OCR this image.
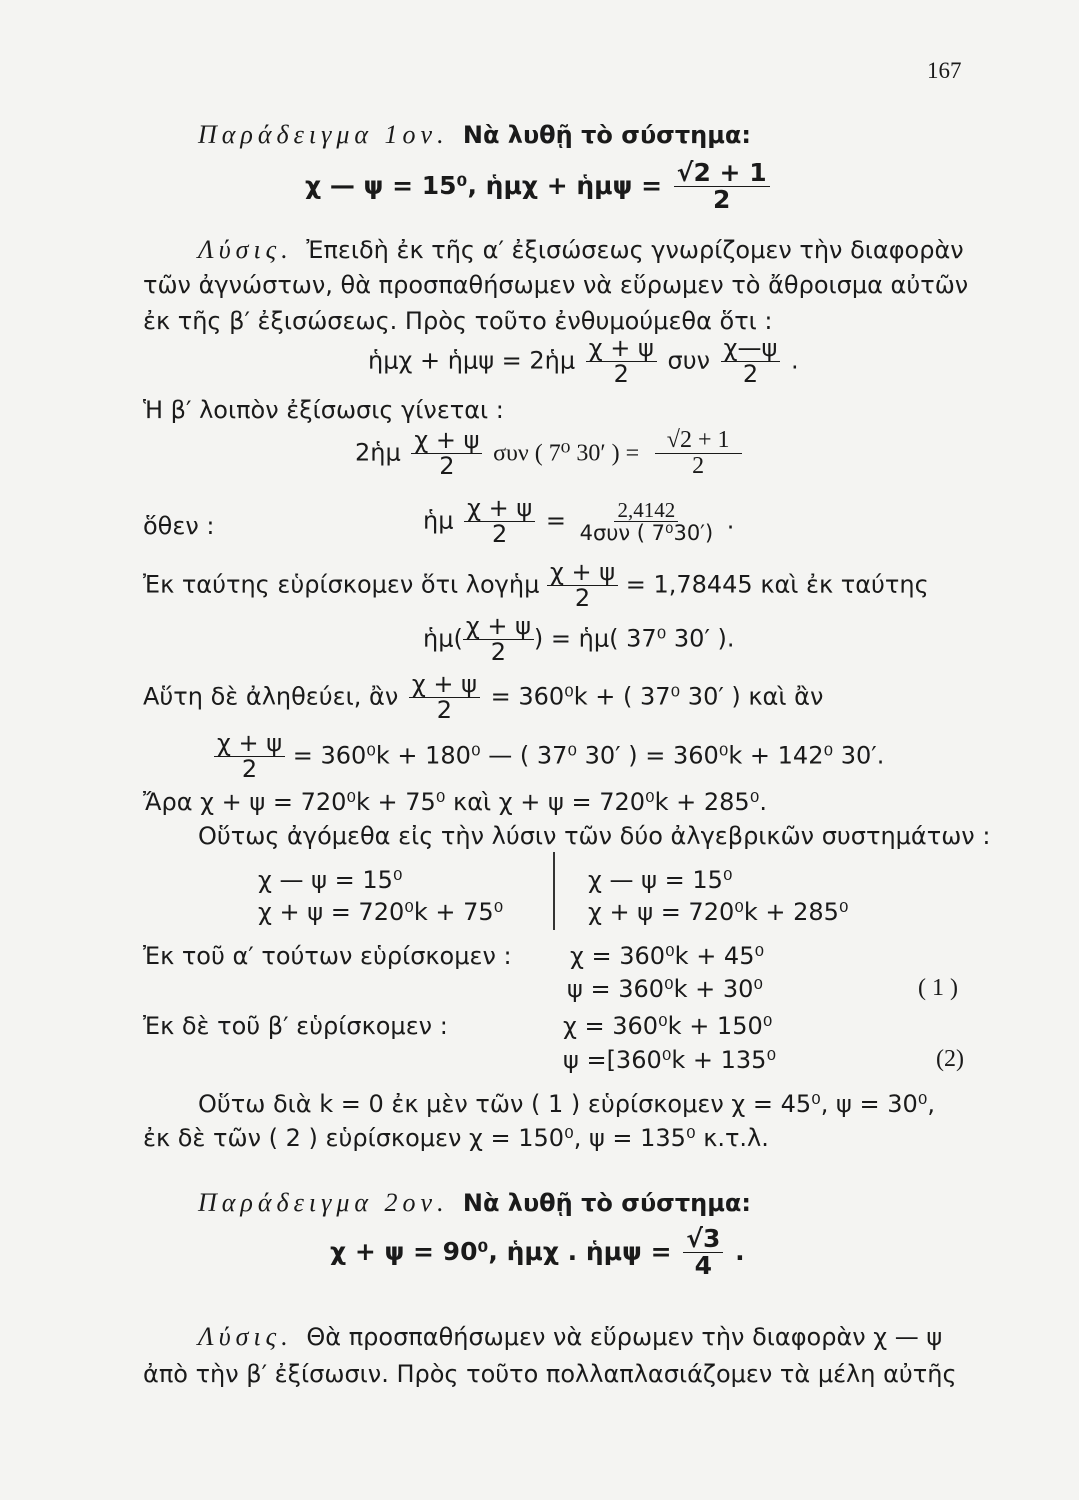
167
Παράδειγμα 1ον. Νὰ λυθῇ τὸ σύστημα:
χ — ψ = 15⁰, ἡμχ + ἡμψ = $\frac{√2 + 1}{2}$
Λύσις. Ἐπειδὴ ἐκ τῆς α′ ἐξισώσεως γνωρίζομεν τὴν διαφορὰν
τῶν ἀγνώστων, θὰ προσπαθήσωμεν νὰ εὕρωμεν τὸ ἄθροισμα αὐτῶν
ἐκ τῆς β′ ἐξισώσεως. Πρὸς τοῦτο ἐνθυμούμεθα ὅτι :
ἡμχ + ἡμψ = 2ἡμ $\frac{\chi + \psi}{2}$ συν $\frac{\chi—\psi}{2}$ .
Ἡ β′ λοιπὸν ἐξίσωσις γίνεται :
2ἡμ $\frac{\chi + \psi}{2}$ συν ( 7⁰ 30′ ) = $\frac{√2 + 1}{2}$
ὅθεν :	ἡμ $\frac{\chi + \psi}{2} = \frac{2,4142}{\text{4συν ( 7⁰30′)}}$ .
Ἐκ ταύτης εὑρίσκομεν ὅτι λογἡμ $\frac{\chi + \psi}{2} = 1,78445$ καὶ ἐκ ταύτης
ἡμ( $\frac{\chi + \psi}{2}$ ) = ἡμ( 37⁰ 30′ ).
Αὕτη δὲ ἀληθεύει, ἂν $\frac{\chi + \psi}{2} = 360^0k$ + ( 37⁰ 30′ ) καὶ ἂν
$\frac{\chi + \psi}{2} = 360^0k + 180^0$ — ( 37⁰ 30′ ) = 360⁰k + 142⁰ 30′.
Ἄρα χ + ψ = 720⁰k + 75⁰ καὶ χ + ψ = 720⁰k + 285⁰.
Οὕτως ἀγόμεθα εἰς τὴν λύσιν τῶν δύο ἀλγεβρικῶν συστημάτων :
χ — ψ = 15⁰
χ + ψ = 720⁰k + 75⁰
χ — ψ = 15⁰
χ + ψ = 720⁰k + 285⁰
Ἐκ τοῦ α′ τούτων εὑρίσκομεν : χ = 360⁰k + 45⁰
ψ = 360⁰k + 30⁰	( 1 )
Ἐκ δὲ τοῦ β′ εὑρίσκομεν :	χ = 360⁰k + 150⁰
ψ =[360⁰k + 135⁰	(2)
Οὕτω διὰ k = 0 ἐκ μὲν τῶν ( 1 ) εὑρίσκομεν χ = 45⁰, ψ = 30⁰,
ἐκ δὲ τῶν ( 2 ) εὑρίσκομεν χ = 150⁰, ψ = 135⁰ κ.τ.λ.
Παράδειγμα 2ον. Νὰ λυθῇ τὸ σύστημα:
χ + ψ = 90⁰, ἡμχ . ἡμψ = $\frac{√3}{4}$ .
Λύσις. Θὰ προσπαθήσωμεν νὰ εὕρωμεν τὴν διαφορὰν χ — ψ
ἀπὸ τὴν β′ ἐξίσωσιν. Πρὸς τοῦτο πολλαπλασιάζομεν τὰ μέλη αὐτῆς
